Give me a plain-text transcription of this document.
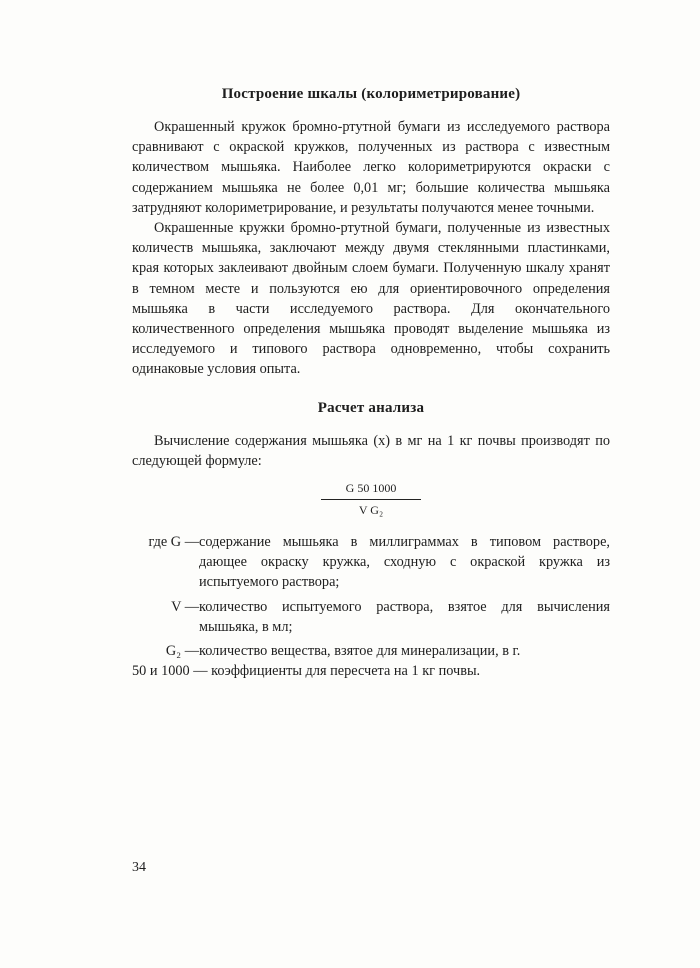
Построение шкалы (колориметрирование)

Окрашенный кружок бромно-ртутной бумаги из исследуемого раствора сравнивают с окраской кружков, полученных из раствора с известным количеством мышьяка. Наиболее легко колориметрируются окраски с содержанием мышьяка не более 0,01 мг; большие количества мышьяка затрудняют колориметрирование, и результаты получаются менее точными.

Окрашенные кружки бромно-ртутной бумаги, полученные из известных количеств мышьяка, заключают между двумя стеклянными пластинками, края которых заклеивают двойным слоем бумаги. Полученную шкалу хранят в темном месте и пользуются ею для ориентировочного определения мышьяка в части исследуемого раствора. Для окончательного количественного определения мышьяка проводят выделение мышьяка из исследуемого и типового раствора одновременно, чтобы сохранить одинаковые условия опыта.

Расчет анализа

Вычисление содержания мышьяка (x) в мг на 1 кг почвы производят по следующей формуле:

G 50 1000
V G₂
где G — содержание мышьяка в миллиграммах в типовом растворе, дающее окраску кружка, сходную с окраской кружка из испытуемого раствора;
V — количество испытуемого раствора, взятое для вычисления мышьяка, в мл;
G₂ — количество вещества, взятое для минерализации, в г.

50 и 1000 — коэффициенты для пересчета на 1 кг почвы.

34
